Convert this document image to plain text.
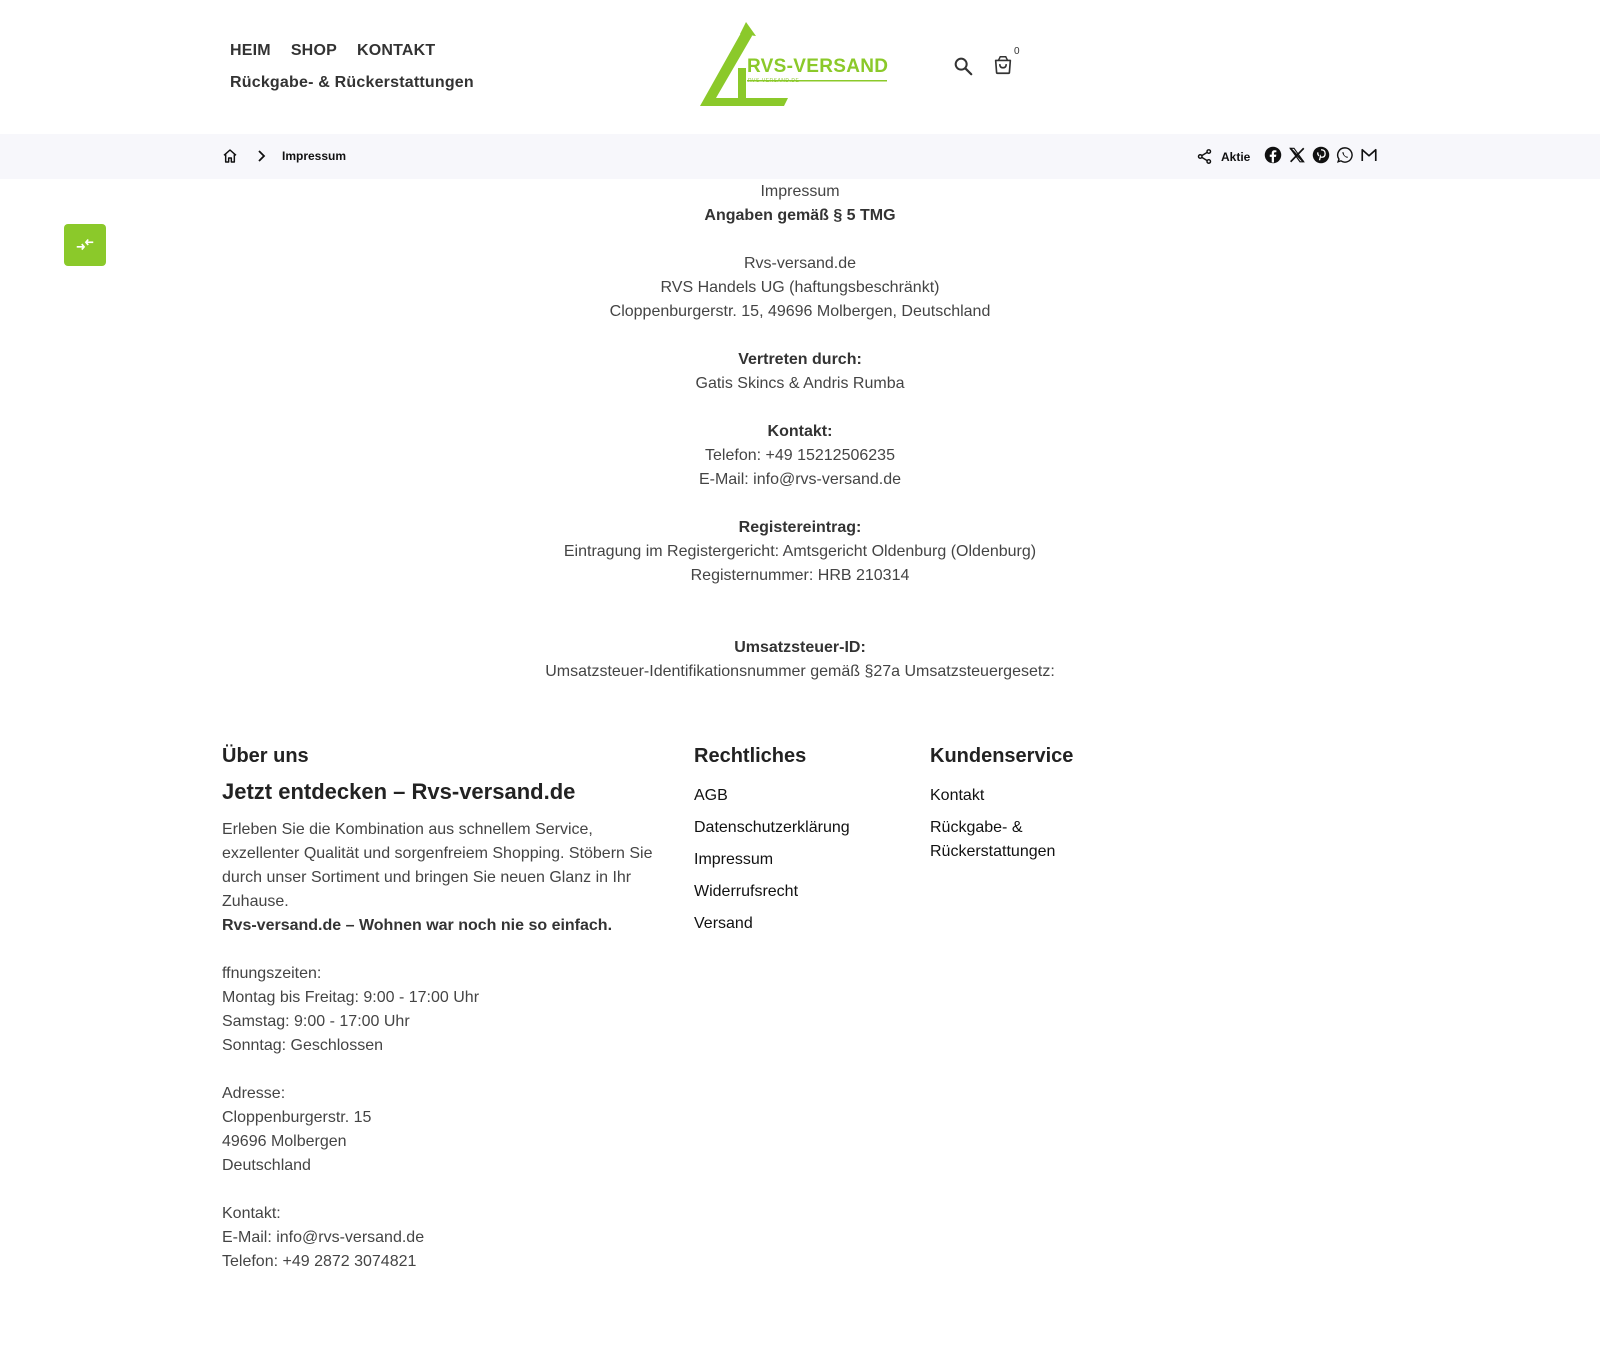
HEIM SHOP KONTAKT
Rückgabe- & Rückerstattungen
RVS-VERSAND
RVS-VERSAND.DE
0
Impressum	Aktie

Impressum

Angaben gemäß § 5 TMG

Rvs-versand.de

RVS Handels UG (haftungsbeschränkt)

Cloppenburgerstr. 15, 49696 Molbergen, Deutschland

Vertreten durch:

Gatis Skincs & Andris Rumba

Kontakt:

Telefon: +49 15212506235

E-Mail: info@rvs-versand.de

Registereintrag:

Eintragung im Registergericht: Amtsgericht Oldenburg (Oldenburg)

Registernummer: HRB 210314

Umsatzsteuer-ID:

Umsatzsteuer-Identifikationsnummer gemäß §27a Umsatzsteuergesetz:

Über uns
Jetzt entdecken – Rvs-versand.de

Erleben Sie die Kombination aus schnellem Service, exzellenter Qualität und sorgenfreiem Shopping. Stöbern Sie durch unser Sortiment und bringen Sie neuen Glanz in Ihr Zuhause.

Rvs-versand.de – Wohnen war noch nie so einfach.

ffnungszeiten:

Montag bis Freitag: 9:00 - 17:00 Uhr

Samstag: 9:00 - 17:00 Uhr

Sonntag: Geschlossen

Adresse:

Cloppenburgerstr. 15

49696 Molbergen

Deutschland

Kontakt:

E-Mail: info@rvs-versand.de

Telefon: +49 2872 3074821

Rechtliches
AGB
Datenschutzerklärung
Impressum
Widerrufsrecht
Versand
Kundenservice
Kontakt
Rückgabe- & Rückerstattungen
